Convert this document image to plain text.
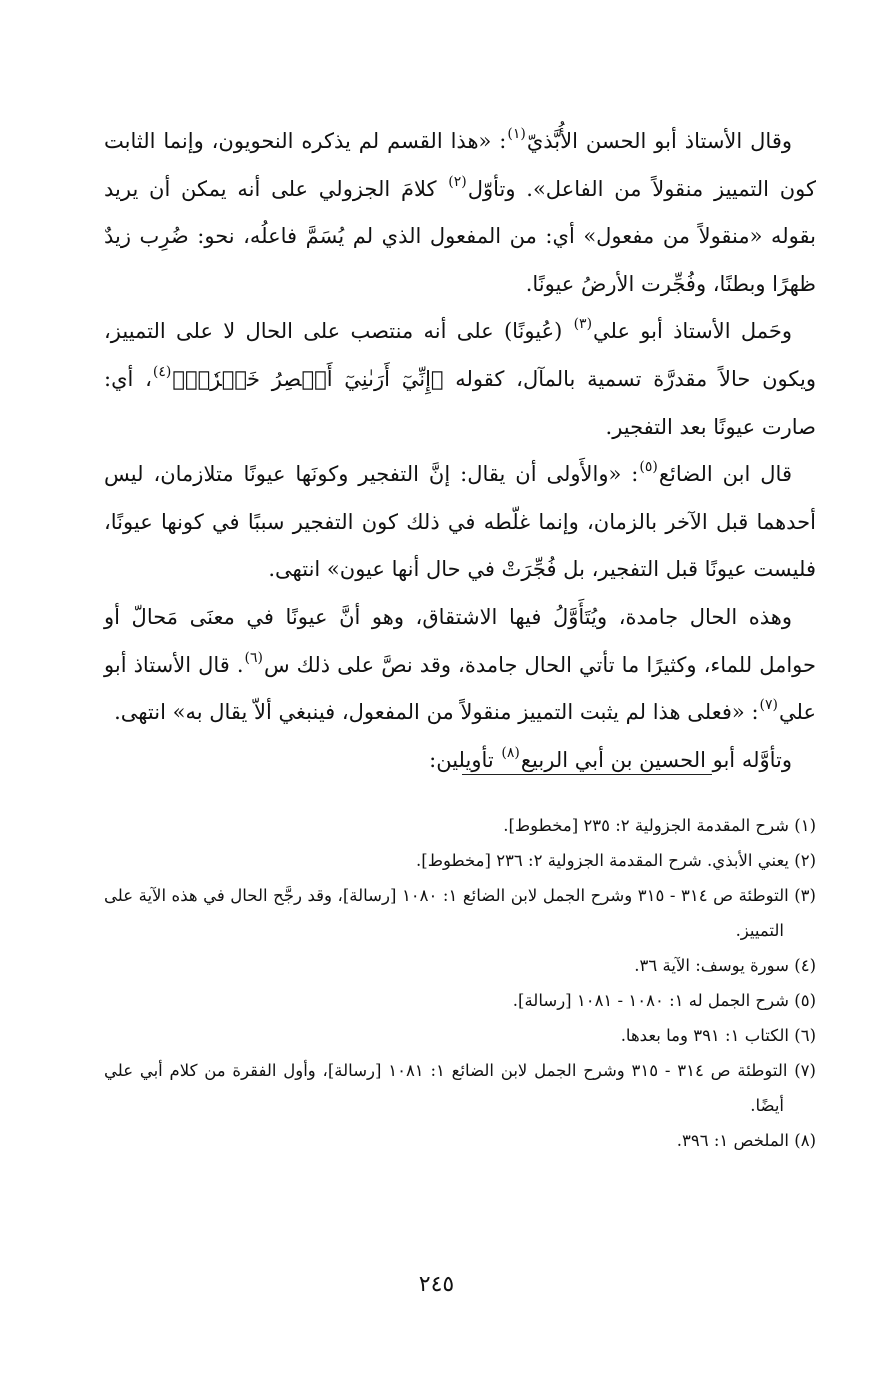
وقال الأستاذ أبو الحسن الأُبَّذيّ$^{(١)}$: «هذا القسم لم يذكره النحويون، وإنما الثابت كون التمييز منقولاً من الفاعل». وتأوّل$^{(٢)}$ كلامَ الجزولي على أنه يمكن أن يريد بقوله «منقولاً من مفعول» أي: من المفعول الذي لم يُسَمَّ فاعلُه، نحو: ضُرِب زيدٌ ظهرًا وبطنًا، وفُجِّرت الأرضُ عيونًا.

وحَمل الأستاذ أبو علي$^{(٣)}$ (عُيونًا) على أنه منتصب على الحال لا على التمييز، ويكون حالاً مقدرَّة تسمية بالمآل، كقوله ﴿إِنِّيٓ أَرَىٰنِيٓ أَعۡصِرُ خَمۡرٗاۖ﴾$^{(٤)}$، أي: صارت عيونًا بعد التفجير.

قال ابن الضائع$^{(٥)}$: «والأَولى أن يقال: إنَّ التفجير وكونَها عيونًا متلازمان، ليس أحدهما قبل الآخر بالزمان، وإنما غلّطه في ذلك كون التفجير سببًا في كونها عيونًا، فليست عيونًا قبل التفجير، بل فُجِّرَتْ في حال أنها عيون» انتهى.

وهذه الحال جامدة، ويُتَأَوَّلُ فيها الاشتقاق، وهو أنَّ عيونًا في معنَى مَحالّ أو حوامل للماء، وكثيرًا ما تأتي الحال جامدة، وقد نصَّ على ذلك س$^{(٦)}$. قال الأستاذ أبو علي$^{(٧)}$: «فعلى هذا لم يثبت التمييز منقولاً من المفعول، فينبغي ألاّ يقال به» انتهى.

وتأوَّله أبو الحسين بن أبي الربيع$^{(٨)}$ تأويلين:

(١) شرح المقدمة الجزولية ٢: ٢٣٥ [مخطوط].

(٢) يعني الأبذي. شرح المقدمة الجزولية ٢: ٢٣٦ [مخطوط].

(٣) التوطئة ص ٣١٤ - ٣١٥ وشرح الجمل لابن الضائع ١: ١٠٨٠ [رسالة]، وقد رجَّح الحال في هذه الآية على التمييز.

(٤) سورة يوسف: الآية ٣٦.

(٥) شرح الجمل له ١: ١٠٨٠ - ١٠٨١ [رسالة].

(٦) الكتاب ١: ٣٩١ وما بعدها.

(٧) التوطئة ص ٣١٤ - ٣١٥ وشرح الجمل لابن الضائع ١: ١٠٨١ [رسالة]، وأول الفقرة من كلام أبي علي أيضًا.

(٨) الملخص ١: ٣٩٦.

٢٤٥
